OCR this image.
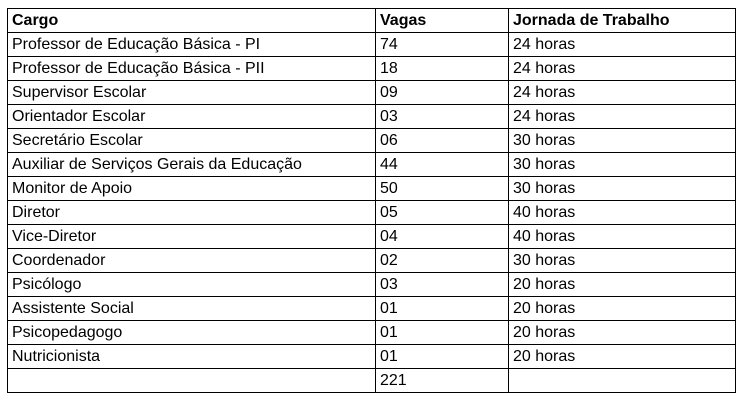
Cargo	Vagas	Jornada de Trabalho
Professor de Educação Básica - PI	74	24 horas
Professor de Educação Básica - PII	18	24 horas
Supervisor Escolar	09	24 horas
Orientador Escolar	03	24 horas
Secretário Escolar	06	30 horas
Auxiliar de Serviços Gerais da Educação	44	30 horas
Monitor de Apoio	50	30 horas
Diretor	05	40 horas
Vice-Diretor	04	40 horas
Coordenador	02	30 horas
Psicólogo	03	20 horas
Assistente Social	01	20 horas
Psicopedagogo	01	20 horas
Nutricionista	01	20 horas
	221	
